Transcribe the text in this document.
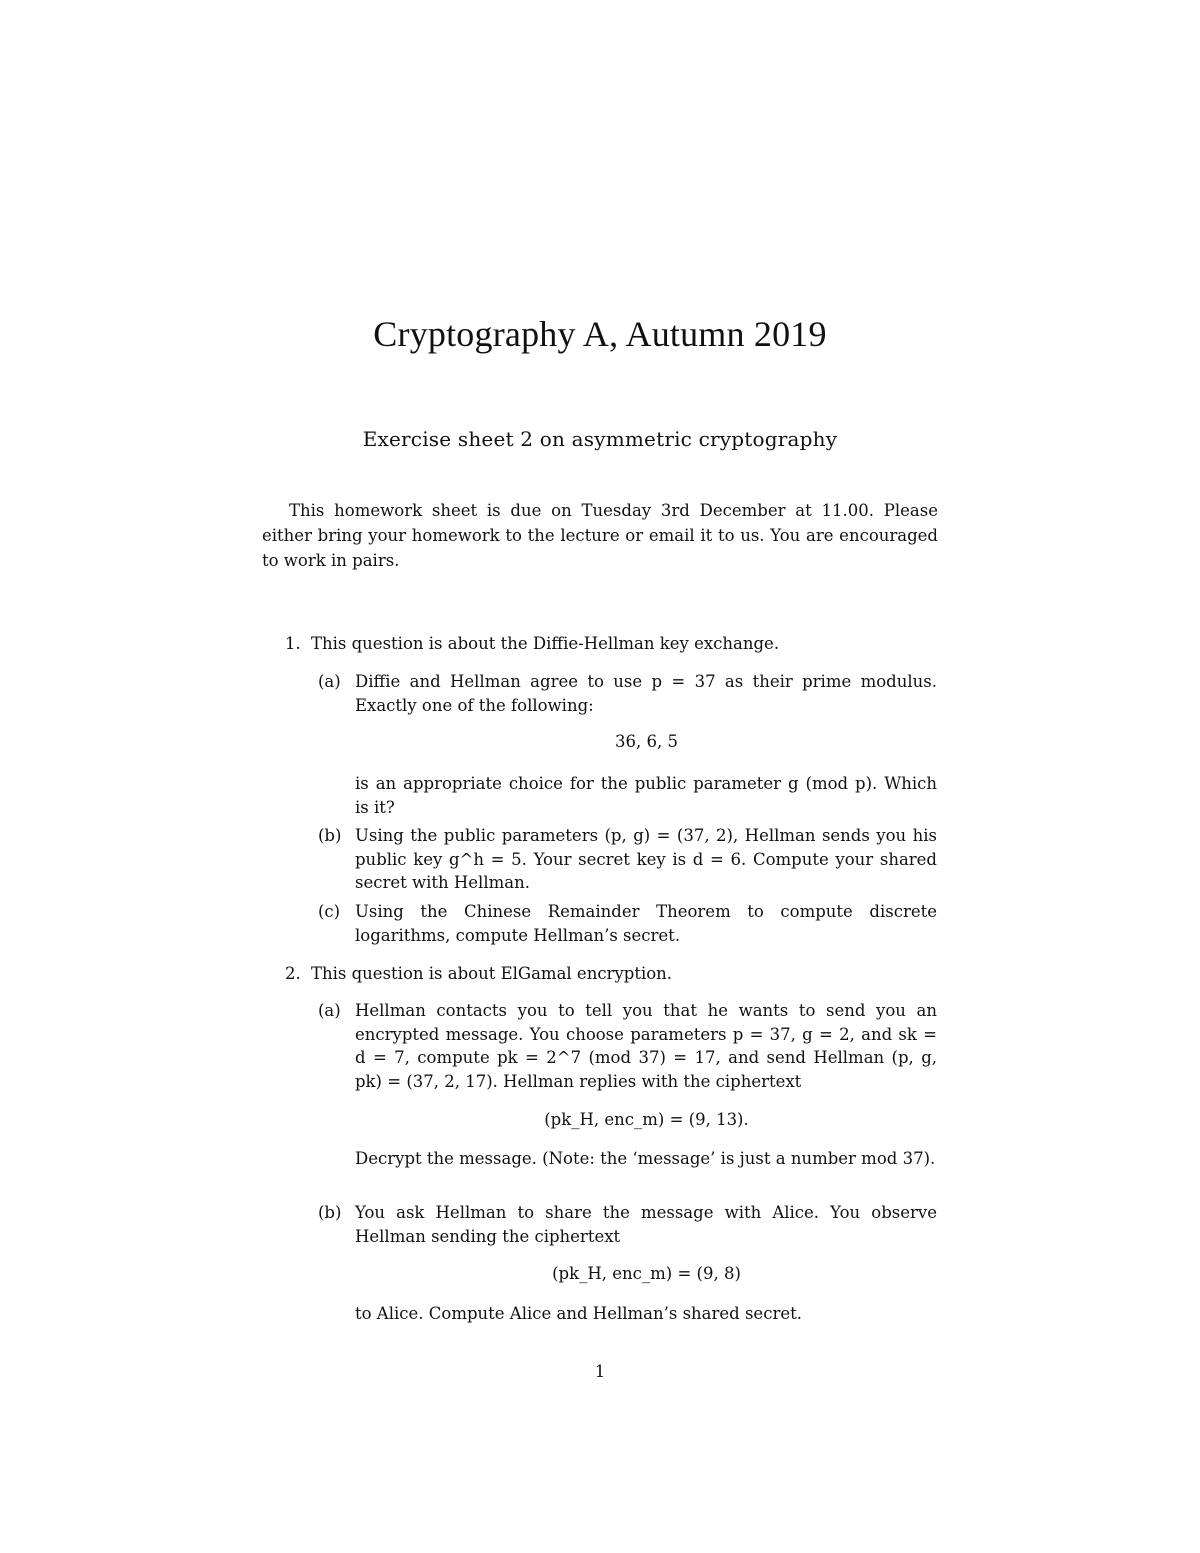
Cryptography A, Autumn 2019
Exercise sheet 2 on asymmetric cryptography
This homework sheet is due on Tuesday 3rd December at 11.00. Please either bring your homework to the lecture or email it to us. You are encouraged to work in pairs.
1. This question is about the Diffie-Hellman key exchange.
(a) Diffie and Hellman agree to use p = 37 as their prime modulus. Exactly one of the following:
36, 6, 5
is an appropriate choice for the public parameter g (mod p). Which is it?
(b) Using the public parameters (p, g) = (37, 2), Hellman sends you his public key g^h = 5. Your secret key is d = 6. Compute your shared secret with Hellman.
(c) Using the Chinese Remainder Theorem to compute discrete logarithms, compute Hellman’s secret.
2. This question is about ElGamal encryption.
(a) Hellman contacts you to tell you that he wants to send you an encrypted message. You choose parameters p = 37, g = 2, and sk = d = 7, compute pk = 2^7 (mod 37) = 17, and send Hellman (p, g, pk) = (37, 2, 17). Hellman replies with the ciphertext
(pk_H, enc_m) = (9, 13).
Decrypt the message. (Note: the ‘message’ is just a number mod 37).
(b) You ask Hellman to share the message with Alice. You observe Hellman sending the ciphertext
(pk_H, enc_m) = (9, 8)
to Alice. Compute Alice and Hellman’s shared secret.
1
